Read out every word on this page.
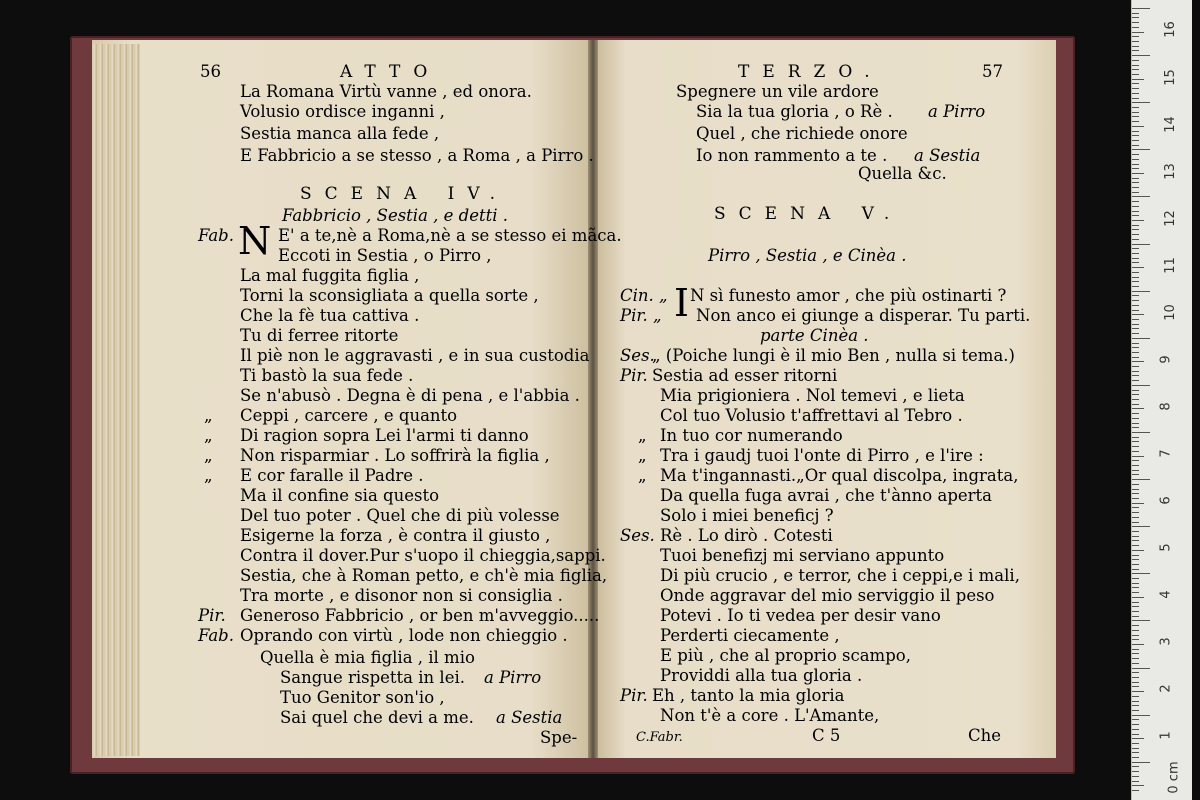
56	ATTO
La Romana Virtù vanne , ed onora.
Volusio ordisce inganni ,
Sestia manca alla fede ,
E Fabbricio a se stesso , a Roma , a Pirro .
SCENA IV.
Fabbricio , Sestia , e detti .
Fab. N E' a te,nè a Roma,nè a se stesso ei mãca.
Eccoti in Sestia , o Pirro ,
La mal fuggita figlia ,
Torni la sconsigliata a quella sorte ,
Che la fè tua cattiva .
Tu di ferree ritorte
Il piè non le aggravasti , e in sua custodia
Ti bastò la sua fede .
Se n'abusò . Degna è di pena , e l'abbia .
„ Ceppi , carcere , e quanto
„ Di ragion sopra Lei l'armi ti danno
„ Non risparmiar . Lo soffrirà la figlia ,
„ E cor faralle il Padre .
Ma il confine sia questo
Del tuo poter . Quel che di più volesse
Esigerne la forza , è contra il giusto ,
Contra il dover.Pur s'uopo il chieggia,sappi.
Sestia, che à Roman petto, e ch'è mia figlia,
Tra morte , e disonor non si consiglia .
Pir. Generoso Fabbricio , or ben m'avveggio.....
Fab. Oprando con virtù , lode non chieggio .
Quella è mia figlia , il mio
Sangue rispetta in lei. a Pirro
Tuo Genitor son'io ,
Sai quel che devi a me. a Sestia
Spe-
TERZO.	57
Spegnere un vile ardore
Sia la tua gloria , o Rè . a Pirro
Quel , che richiede onore
Io non rammento a te . a Sestia
Quella &c.
SCENA V.
Pirro , Sestia , e Cinèa .
Cin. „
Pir. „ I N sì funesto amor , che più ostinarti ?
Non anco ei giunge a disperar. Tu parti.
parte Cinèa .
Ses.
„ (Poiche lungi è il mio Ben , nulla si tema.)
Pir. Sestia ad esser ritorni
Mia prigioniera . Nol temevi , e lieta
Col tuo Volusio t'affrettavi al Tebro .
„ In tuo cor numerando
„ Tra i gaudj tuoi l'onte di Pirro , e l'ire :
„ Ma t'ingannasti.„Or qual discolpa, ingrata,
Da quella fuga avrai , che t'ànno aperta
Solo i miei beneficj ?
Ses. Rè . Lo dirò . Cotesti
Tuoi benefizj mi serviano appunto
Di più crucio , e terror, che i ceppi,e i mali,
Onde aggravar del mio serviggio il peso
Potevi . Io ti vedea per desir vano
Perderti ciecamente ,
E più , che al proprio scampo,
Providdi alla tua gloria .
Pir. Eh , tanto la mia gloria
Non t'è a core . L'Amante,
C.Fabr.	C 5	Che
16
15
14
13
12
11
10
9
8
7
6
5
4
3
2
1
0 cm
